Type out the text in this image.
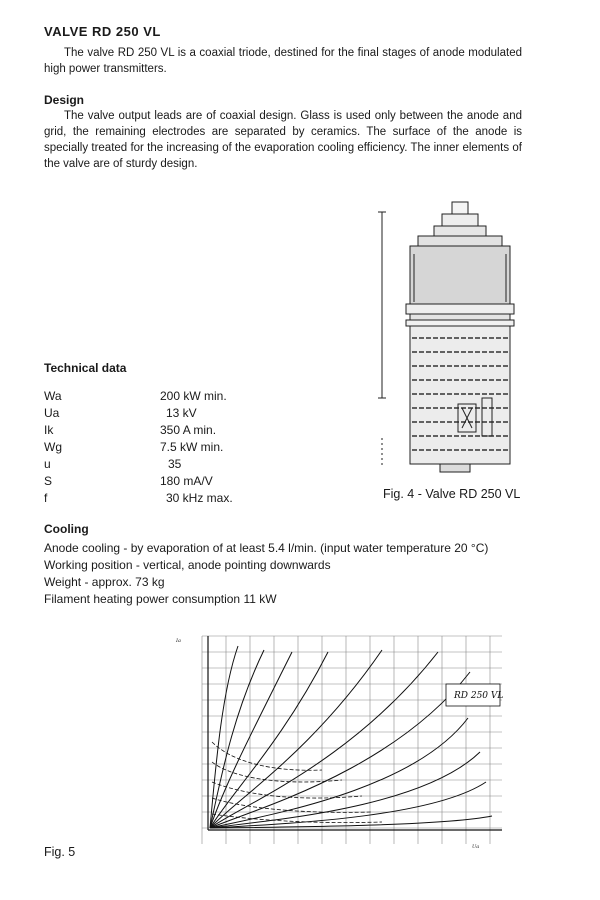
VALVE RD 250 VL
The valve RD 250 VL is a coaxial triode, destined for the final stages of anode modulated high power transmitters.
Design
The valve output leads are of coaxial design. Glass is used only between the anode and grid, the remaining electrodes are separated by ceramics. The surface of the anode is specially treated for the increasing of the evaporation cooling efficiency. The inner elements of the valve are of sturdy design.
Fig. 4 - Valve RD 250 VL
Technical data
Wa	200 kW min.
Ua	13 kV
Ik	350 A min.
Wg	7.5 kW min.
u	35
S	180 mA/V
f	30 kHz max.
Cooling
Anode cooling - by evaporation of at least 5.4 l/min. (input water temperature 20 °C)
Working position - vertical, anode pointing downwards
Weight - approx. 73 kg
Filament heating power consumption 11 kW
RD 250 VL
Ia
Ua
Fig. 5
